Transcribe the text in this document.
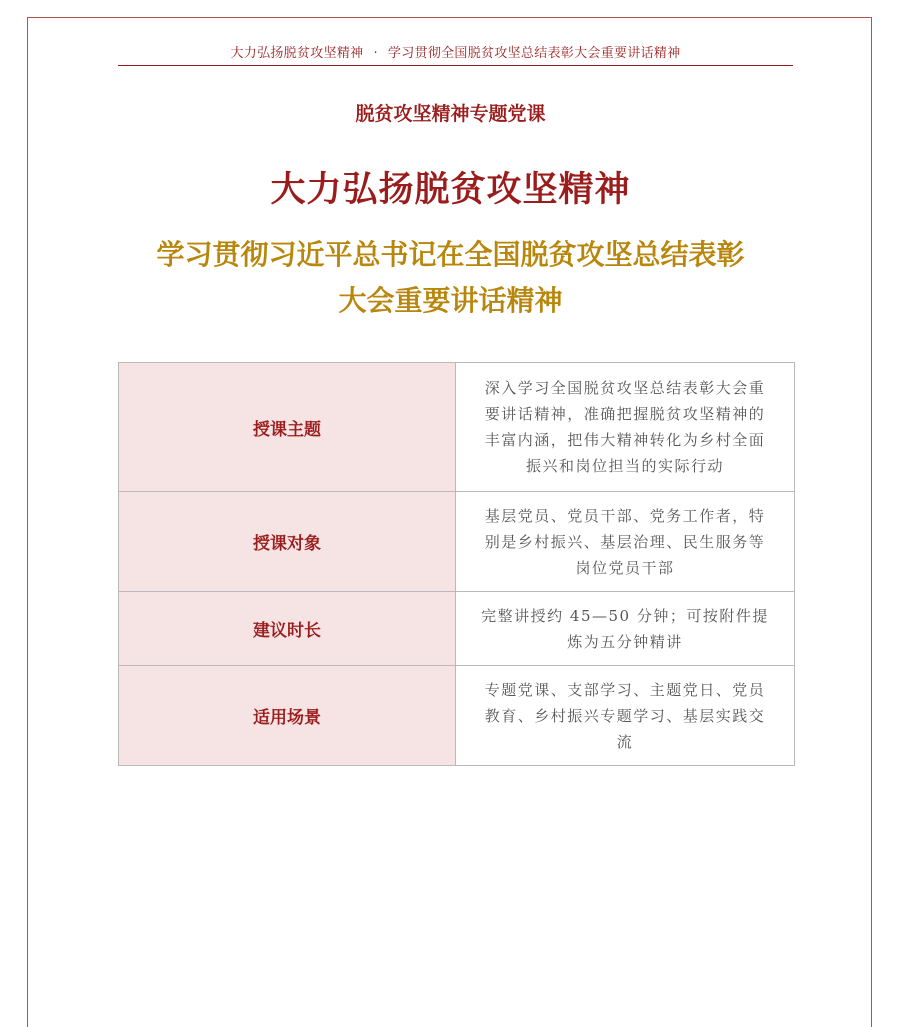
大力弘扬脱贫攻坚精神 · 学习贯彻全国脱贫攻坚总结表彰大会重要讲话精神
脱贫攻坚精神专题党课
大力弘扬脱贫攻坚精神
学习贯彻习近平总书记在全国脱贫攻坚总结表彰
大会重要讲话精神
授课主题	深入学习全国脱贫攻坚总结表彰大会重
要讲话精神，准确把握脱贫攻坚精神的
丰富内涵，把伟大精神转化为乡村全面
振兴和岗位担当的实际行动

授课对象	基层党员、党员干部、党务工作者，特
别是乡村振兴、基层治理、民生服务等
岗位党员干部

建议时长	完整讲授约 45—50 分钟；可按附件提
炼为五分钟精讲

适用场景	专题党课、支部学习、主题党日、党员
教育、乡村振兴专题学习、基层实践交
流
